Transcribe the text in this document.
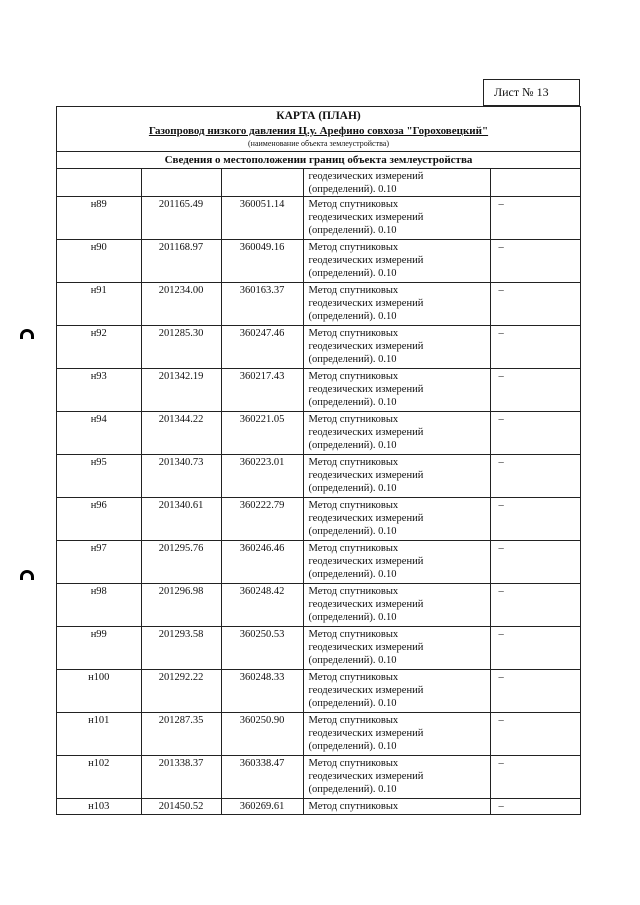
Лист № 13
КАРТА (ПЛАН)
Газопровод низкого давления Ц.у. Арефино совхоза "Гороховецкий"
(наименование объекта землеустройства)
Сведения о местоположении границ объекта землеустройства
			геодезических измерений
(определений). 0.10	
н89	201165.49	360051.14	Метод спутниковых
геодезических измерений
(определений). 0.10	–
н90	201168.97	360049.16	Метод спутниковых
геодезических измерений
(определений). 0.10	–
н91	201234.00	360163.37	Метод спутниковых
геодезических измерений
(определений). 0.10	–
н92	201285.30	360247.46	Метод спутниковых
геодезических измерений
(определений). 0.10	–
н93	201342.19	360217.43	Метод спутниковых
геодезических измерений
(определений). 0.10	–
н94	201344.22	360221.05	Метод спутниковых
геодезических измерений
(определений). 0.10	–
н95	201340.73	360223.01	Метод спутниковых
геодезических измерений
(определений). 0.10	–
н96	201340.61	360222.79	Метод спутниковых
геодезических измерений
(определений). 0.10	–
н97	201295.76	360246.46	Метод спутниковых
геодезических измерений
(определений). 0.10	–
н98	201296.98	360248.42	Метод спутниковых
геодезических измерений
(определений). 0.10	–
н99	201293.58	360250.53	Метод спутниковых
геодезических измерений
(определений). 0.10	–
н100	201292.22	360248.33	Метод спутниковых
геодезических измерений
(определений). 0.10	–
н101	201287.35	360250.90	Метод спутниковых
геодезических измерений
(определений). 0.10	–
н102	201338.37	360338.47	Метод спутниковых
геодезических измерений
(определений). 0.10	–
н103	201450.52	360269.61	Метод спутниковых	–
